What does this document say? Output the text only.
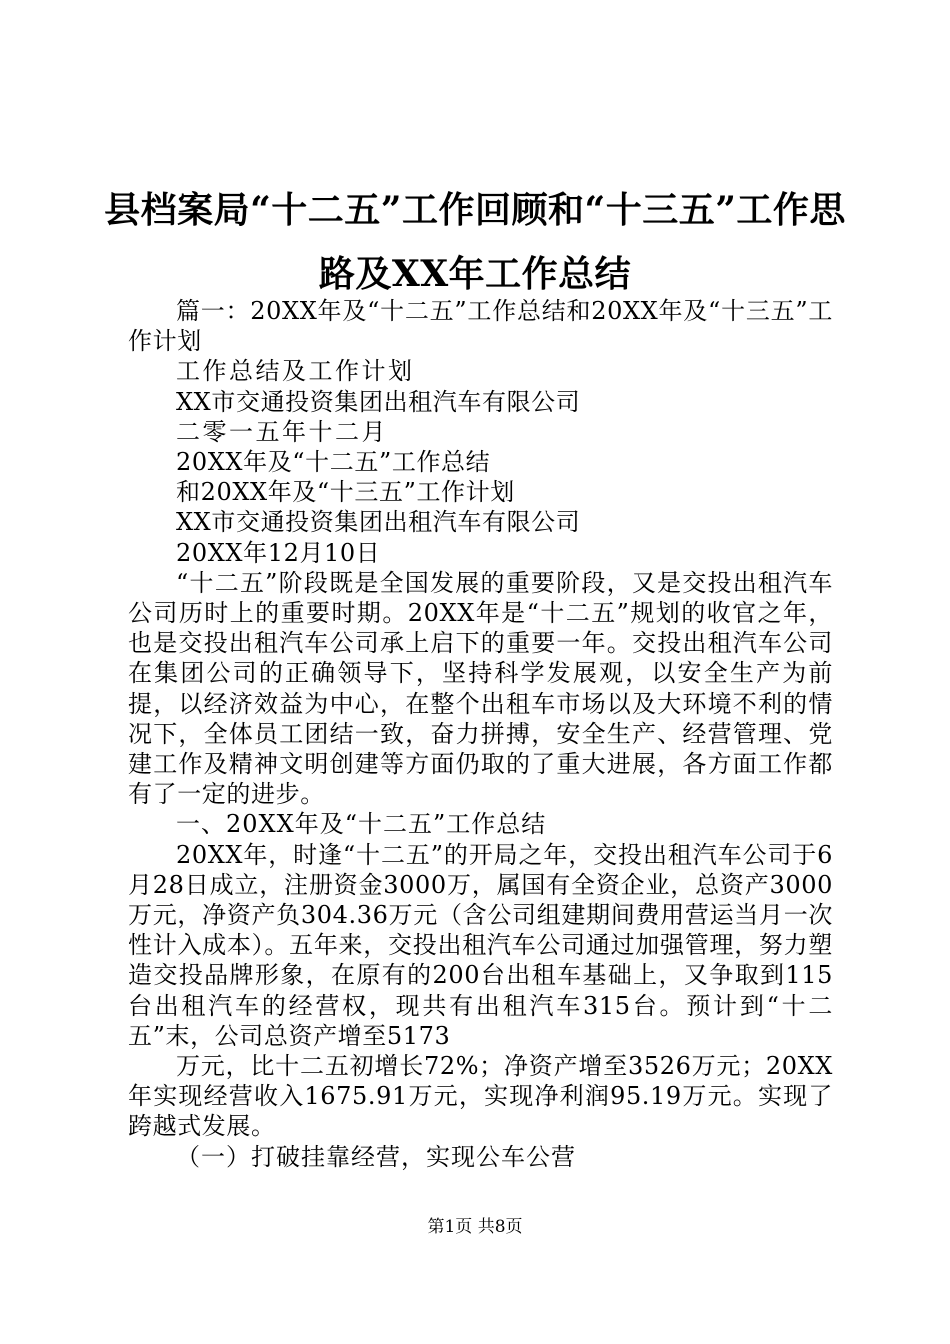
县档案局“十二五”工作回顾和“十三五”工作思路及XX年工作总结

篇一：20XX年及“十二五”工作总结和20XX年及“十三五”工作计划

工作总结及工作计划

XX市交通投资集团出租汽车有限公司

二零一五年十二月

20XX年及“十二五”工作总结

和20XX年及“十三五”工作计划

XX市交通投资集团出租汽车有限公司

20XX年12月10日

“十二五”阶段既是全国发展的重要阶段，又是交投出租汽车公司历时上的重要时期。20XX年是“十二五”规划的收官之年，也是交投出租汽车公司承上启下的重要一年。交投出租汽车公司在集团公司的正确领导下，坚持科学发展观，以安全生产为前提，以经济效益为中心，在整个出租车市场以及大环境不利的情况下，全体员工团结一致，奋力拼搏，安全生产、经营管理、党建工作及精神文明创建等方面仍取的了重大进展，各方面工作都有了一定的进步。

一、20XX年及“十二五”工作总结

20XX年，时逢“十二五”的开局之年，交投出租汽车公司于6月28日成立，注册资金3000万，属国有全资企业，总资产3000万元，净资产负304.36万元（含公司组建期间费用营运当月一次性计入成本）。五年来，交投出租汽车公司通过加强管理，努力塑造交投品牌形象，在原有的200台出租车基础上，又争取到115台出租汽车的经营权，现共有出租汽车315台。预计到“十二五”末，公司总资产增至5173

万元，比十二五初增长72%；净资产增至3526万元；20XX年实现经营收入1675.91万元，实现净利润95.19万元。实现了跨越式发展。

（一）打破挂靠经营，实现公车公营

第1页 共8页
